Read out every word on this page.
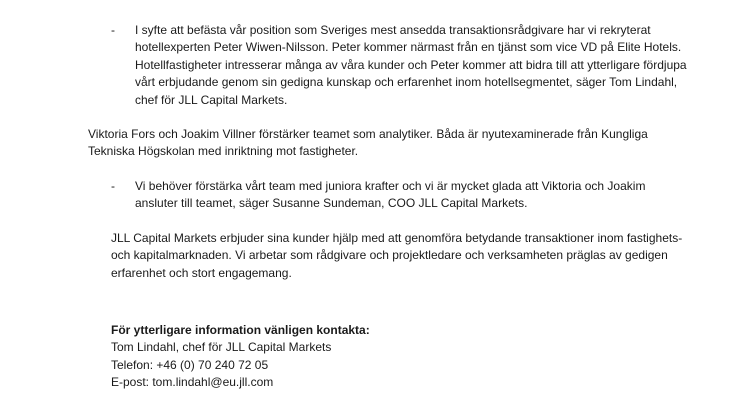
- I syfte att befästa vår position som Sveriges mest ansedda transaktionsrådgivare har vi rekryterat
hotellexperten Peter Wiwen-Nilsson. Peter kommer närmast från en tjänst som vice VD på Elite Hotels.
Hotellfastigheter intresserar många av våra kunder och Peter kommer att bidra till att ytterligare fördjupa
vårt erbjudande genom sin gedigna kunskap och erfarenhet inom hotellsegmentet, säger Tom Lindahl,
chef för JLL Capital Markets.
Viktoria Fors och Joakim Villner förstärker teamet som analytiker. Båda är nyutexaminerade från Kungliga
Tekniska Högskolan med inriktning mot fastigheter.
- Vi behöver förstärka vårt team med juniora krafter och vi är mycket glada att Viktoria och Joakim
ansluter till teamet, säger Susanne Sundeman, COO JLL Capital Markets.
JLL Capital Markets erbjuder sina kunder hjälp med att genomföra betydande transaktioner inom fastighets-
och kapitalmarknaden. Vi arbetar som rådgivare och projektledare och verksamheten präglas av gedigen
erfarenhet och stort engagemang.
För ytterligare information vänligen kontakta:
Tom Lindahl, chef för JLL Capital Markets
Telefon: +46 (0) 70 240 72 05
E-post: tom.lindahl@eu.jll.com
